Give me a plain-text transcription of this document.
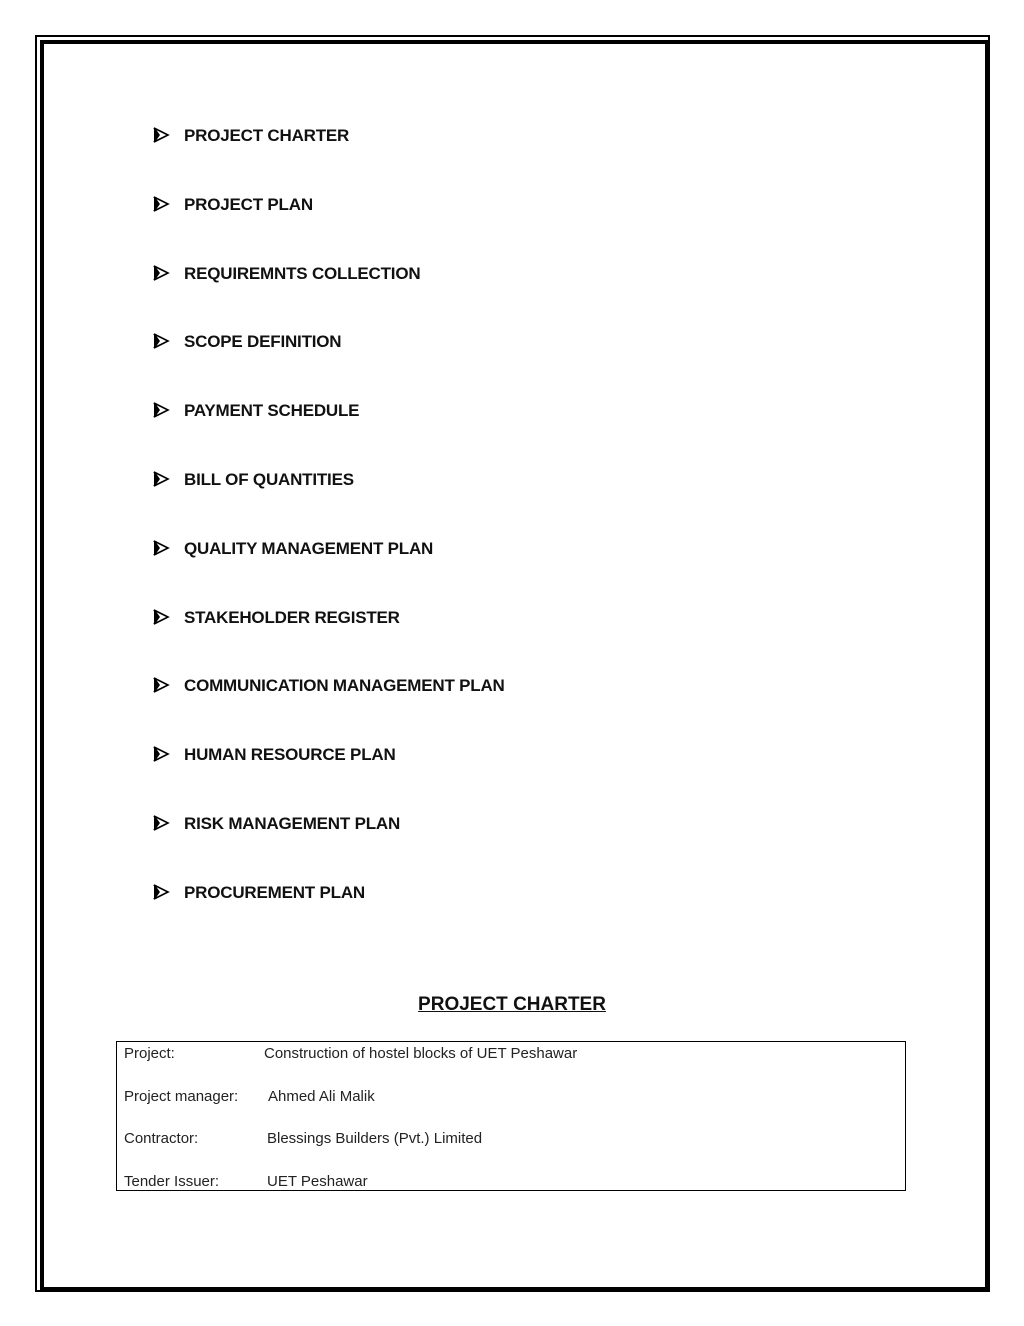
PROJECT CHARTER
PROJECT PLAN
REQUIREMNTS COLLECTION
SCOPE DEFINITION
PAYMENT SCHEDULE
BILL OF QUANTITIES
QUALITY MANAGEMENT PLAN
STAKEHOLDER REGISTER
COMMUNICATION MANAGEMENT PLAN
HUMAN RESOURCE PLAN
RISK MANAGEMENT PLAN
PROCUREMENT PLAN
PROJECT CHARTER
Project:	Construction of hostel blocks of UET Peshawar
Project manager:	Ahmed Ali Malik
Contractor:	Blessings Builders (Pvt.) Limited
Tender Issuer:	UET Peshawar
